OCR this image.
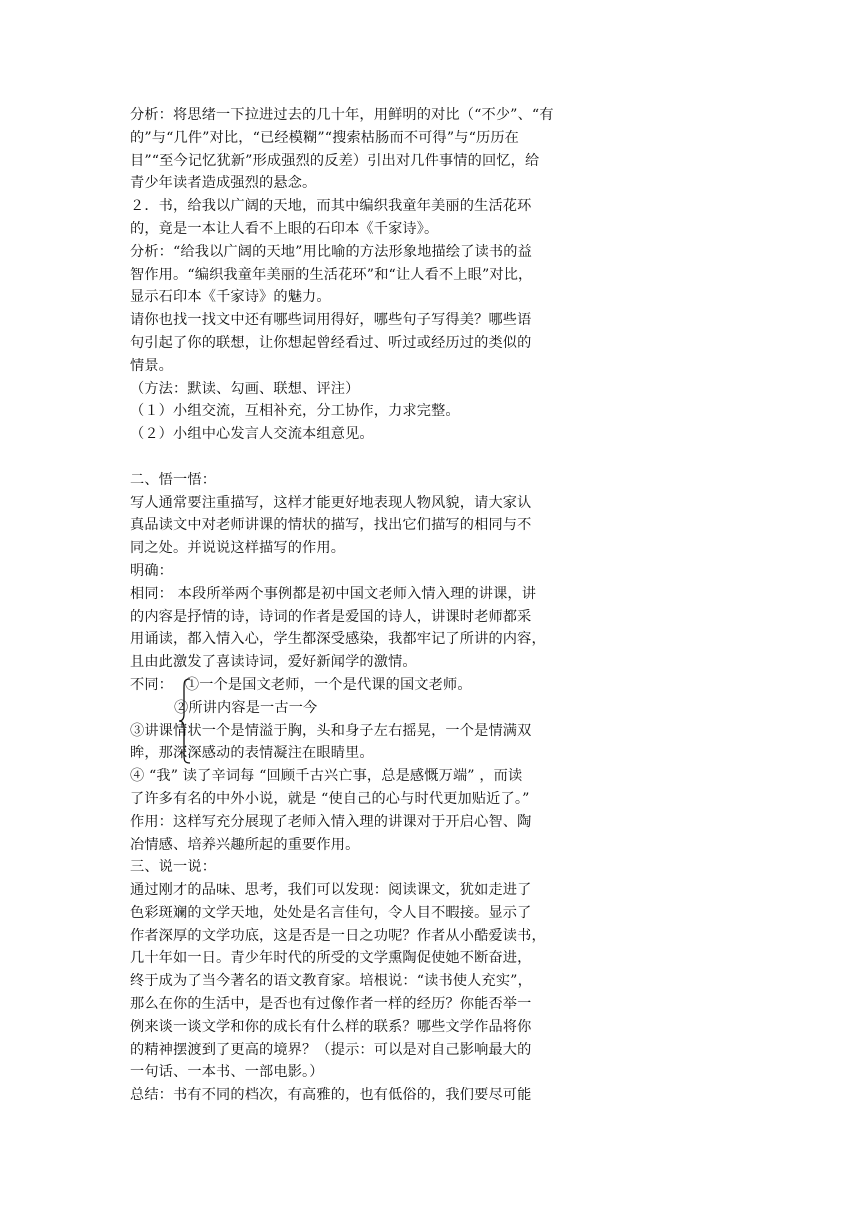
分析：将思绪一下拉进过去的几十年，用鲜明的对比（“不少”、“有
的”与“几件”对比，“已经模糊”“搜索枯肠而不可得”与“历历在
目”“至今记忆犹新”形成强烈的反差）引出对几件事情的回忆，给
青少年读者造成强烈的悬念。
２．书，给我以广阔的天地，而其中编织我童年美丽的生活花环
的，竟是一本让人看不上眼的石印本《千家诗》。
分析：“给我以广阔的天地”用比喻的方法形象地描绘了读书的益
智作用。“编织我童年美丽的生活花环”和“让人看不上眼”对比，
显示石印本《千家诗》的魅力。
请你也找一找文中还有哪些词用得好，哪些句子写得美？哪些语
句引起了你的联想，让你想起曾经看过、听过或经历过的类似的
情景。
（方法：默读、勾画、联想、评注）
（１）小组交流，互相补充，分工协作，力求完整。
（２）小组中心发言人交流本组意见。
二、悟一悟：
写人通常要注重描写，这样才能更好地表现人物风貌，请大家认
真品读文中对老师讲课的情状的描写，找出它们描写的相同与不
同之处。并说说这样描写的作用。
明确：
相同： 本段所举两个事例都是初中国文老师入情入理的讲课，讲
的内容是抒情的诗，诗词的作者是爱国的诗人，讲课时老师都采
用诵读，都入情入心，学生都深受感染，我都牢记了所讲的内容，
且由此激发了喜读诗词，爱好新闻学的激情。
不同：　 ①一个是国文老师，一个是代课的国文老师。
②所讲内容是一古一今
③讲课情状一个是情溢于胸，头和身子左右摇晃，一个是情满双
眸，那深深感动的表情凝注在眼睛里。
④ “我” 读了辛词每 “回顾千古兴亡事，总是感慨万端” ，而读
了许多有名的中外小说，就是 “使自己的心与时代更加贴近了。”
作用：这样写充分展现了老师入情入理的讲课对于开启心智、陶
冶情感、培养兴趣所起的重要作用。
三、说一说：
通过刚才的品味、思考，我们可以发现：阅读课文，犹如走进了
色彩斑斓的文学天地，处处是名言佳句，令人目不暇接。显示了
作者深厚的文学功底，这是否是一日之功呢？作者从小酷爱读书，
几十年如一日。青少年时代的所受的文学熏陶促使她不断奋进，
终于成为了当今著名的语文教育家。培根说：“读书使人充实”，
那么在你的生活中，是否也有过像作者一样的经历？你能否举一
例来谈一谈文学和你的成长有什么样的联系？哪些文学作品将你
的精神摆渡到了更高的境界？（提示：可以是对自己影响最大的
一句话、一本书、一部电影。）
总结：书有不同的档次，有高雅的，也有低俗的，我们要尽可能
